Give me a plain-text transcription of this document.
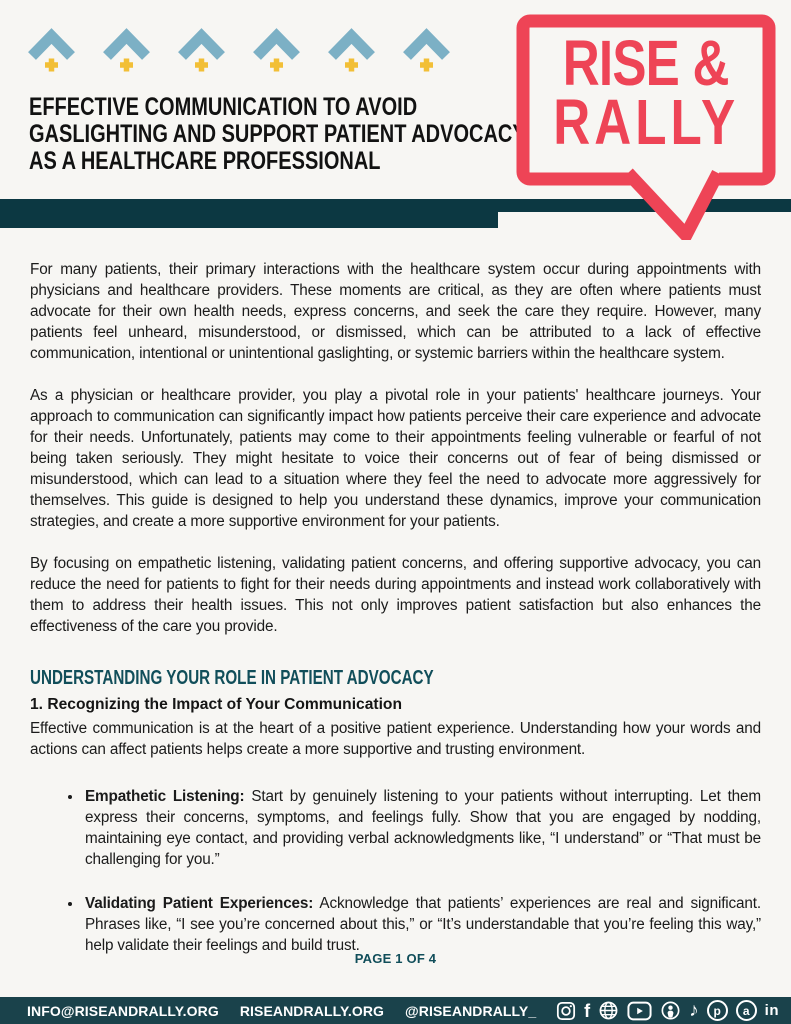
EFFECTIVE COMMUNICATION TO AVOID
GASLIGHTING AND SUPPORT PATIENT ADVOCACY
AS A HEALTHCARE PROFESSIONAL
RISE &
RALLY

For many patients, their primary interactions with the healthcare system occur during appointments with physicians and healthcare providers. These moments are critical, as they are often where patients must advocate for their own health needs, express concerns, and seek the care they require. However, many patients feel unheard, misunderstood, or dismissed, which can be attributed to a lack of effective communication, intentional or unintentional gaslighting, or systemic barriers within the healthcare system.

As a physician or healthcare provider, you play a pivotal role in your patients' healthcare journeys. Your approach to communication can significantly impact how patients perceive their care experience and advocate for their needs. Unfortunately, patients may come to their appointments feeling vulnerable or fearful of not being taken seriously. They might hesitate to voice their concerns out of fear of being dismissed or misunderstood, which can lead to a situation where they feel the need to advocate more aggressively for themselves. This guide is designed to help you understand these dynamics, improve your communication strategies, and create a more supportive environment for your patients.

By focusing on empathetic listening, validating patient concerns, and offering supportive advocacy, you can reduce the need for patients to fight for their needs during appointments and instead work collaboratively with them to address their health issues. This not only improves patient satisfaction but also enhances the effectiveness of the care you provide.

UNDERSTANDING YOUR ROLE IN PATIENT ADVOCACY
1. Recognizing the Impact of Your Communication

Effective communication is at the heart of a positive patient experience. Understanding how your words and actions can affect patients helps create a more supportive and trusting environment.

• Empathetic Listening: Start by genuinely listening to your patients without interrupting. Let them express their concerns, symptoms, and feelings fully. Show that you are engaged by nodding, maintaining eye contact, and providing verbal acknowledgments like, “I understand” or “That must be challenging for you.”
• Validating Patient Experiences: Acknowledge that patients’ experiences are real and significant. Phrases like, “I see you’re concerned about this,” or “It’s understandable that you’re feeling this way,” help validate their feelings and build trust.
PAGE 1 OF 4
INFO@RISEANDRALLY.ORG RISEANDRALLY.ORG @RISEANDRALLY_	f	♪ p a in
